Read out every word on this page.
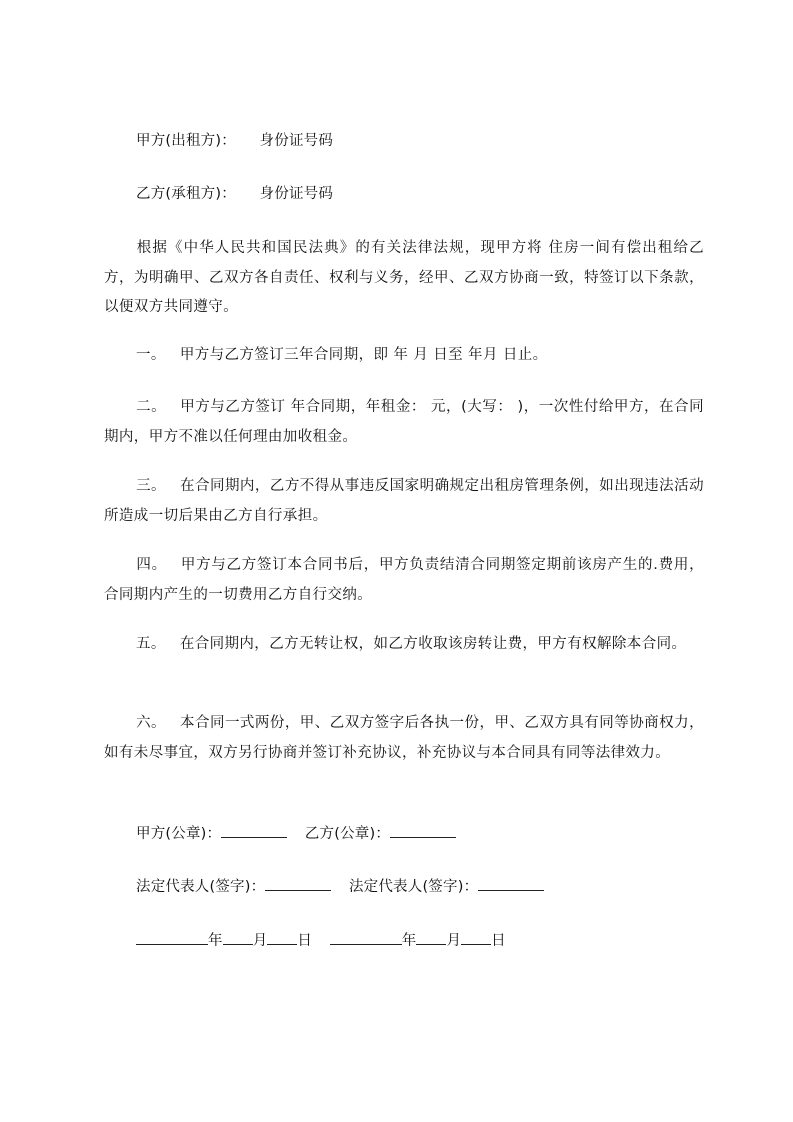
甲方(出租方)： 身份证号码
乙方(承租方)： 身份证号码
根据《中华人民共和国民法典》的有关法律法规，现甲方将 住房一间有偿出租给乙方，为明确甲、乙双方各自责任、权利与义务，经甲、乙双方协商一致，特签订以下条款，以便双方共同遵守。
一。 甲方与乙方签订三年合同期，即 年 月 日至 年月 日止。
二。 甲方与乙方签订 年合同期，年租金： 元，(大写： )，一次性付给甲方，在合同期内，甲方不准以任何理由加收租金。
三。 在合同期内，乙方不得从事违反国家明确规定出租房管理条例，如出现违法活动所造成一切后果由乙方自行承担。
四。 甲方与乙方签订本合同书后，甲方负责结清合同期签定期前该房产生的.费用，合同期内产生的一切费用乙方自行交纳。
五。 在合同期内，乙方无转让权，如乙方收取该房转让费，甲方有权解除本合同。
六。 本合同一式两份，甲、乙双方签字后各执一份，甲、乙双方具有同等协商权力，如有未尽事宜，双方另行协商并签订补充协议，补充协议与本合同具有同等法律效力。
甲方(公章)：	乙方(公章)：
法定代表人(签字)：	法定代表人(签字)：
年 月 日	年 月 日
